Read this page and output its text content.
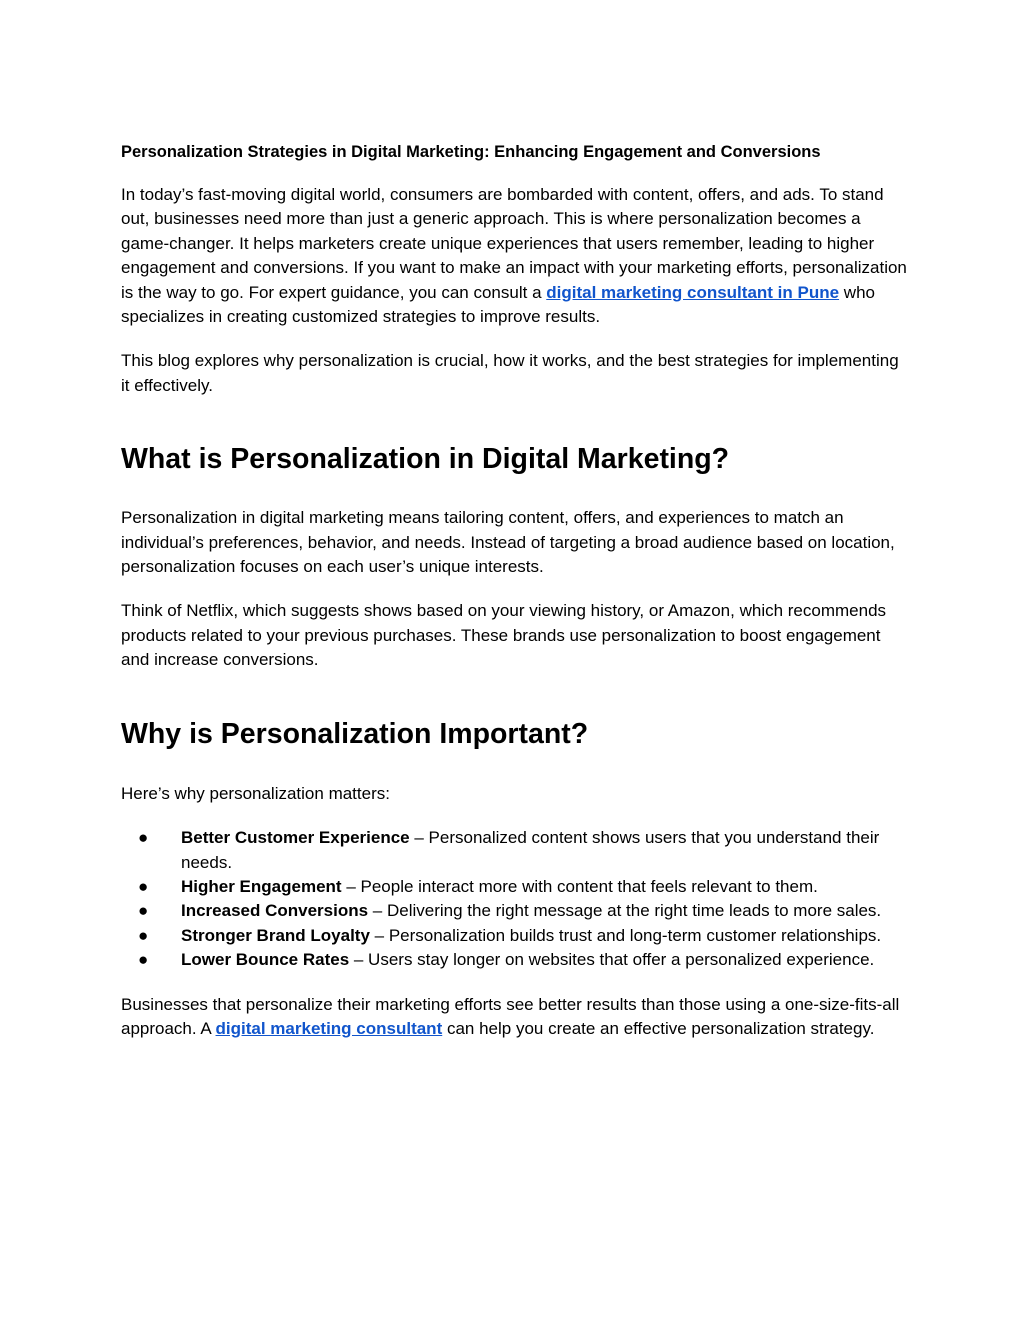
Personalization Strategies in Digital Marketing: Enhancing Engagement and Conversions

In today’s fast-moving digital world, consumers are bombarded with content, offers, and ads. To stand out, businesses need more than just a generic approach. This is where personalization becomes a game-changer. It helps marketers create unique experiences that users remember, leading to higher engagement and conversions. If you want to make an impact with your marketing efforts, personalization is the way to go. For expert guidance, you can consult a digital marketing consultant in Pune who specializes in creating customized strategies to improve results.

This blog explores why personalization is crucial, how it works, and the best strategies for implementing it effectively.

What is Personalization in Digital Marketing?

Personalization in digital marketing means tailoring content, offers, and experiences to match an individual’s preferences, behavior, and needs. Instead of targeting a broad audience based on location, personalization focuses on each user’s unique interests.

Think of Netflix, which suggests shows based on your viewing history, or Amazon, which recommends products related to your previous purchases. These brands use personalization to boost engagement and increase conversions.

Why is Personalization Important?

Here’s why personalization matters:

● Better Customer Experience – Personalized content shows users that you understand their needs.
● Higher Engagement – People interact more with content that feels relevant to them.
● Increased Conversions – Delivering the right message at the right time leads to more sales.
● Stronger Brand Loyalty – Personalization builds trust and long-term customer relationships.
● Lower Bounce Rates – Users stay longer on websites that offer a personalized experience.

Businesses that personalize their marketing efforts see better results than those using a one-size-fits-all approach. A digital marketing consultant can help you create an effective personalization strategy.
